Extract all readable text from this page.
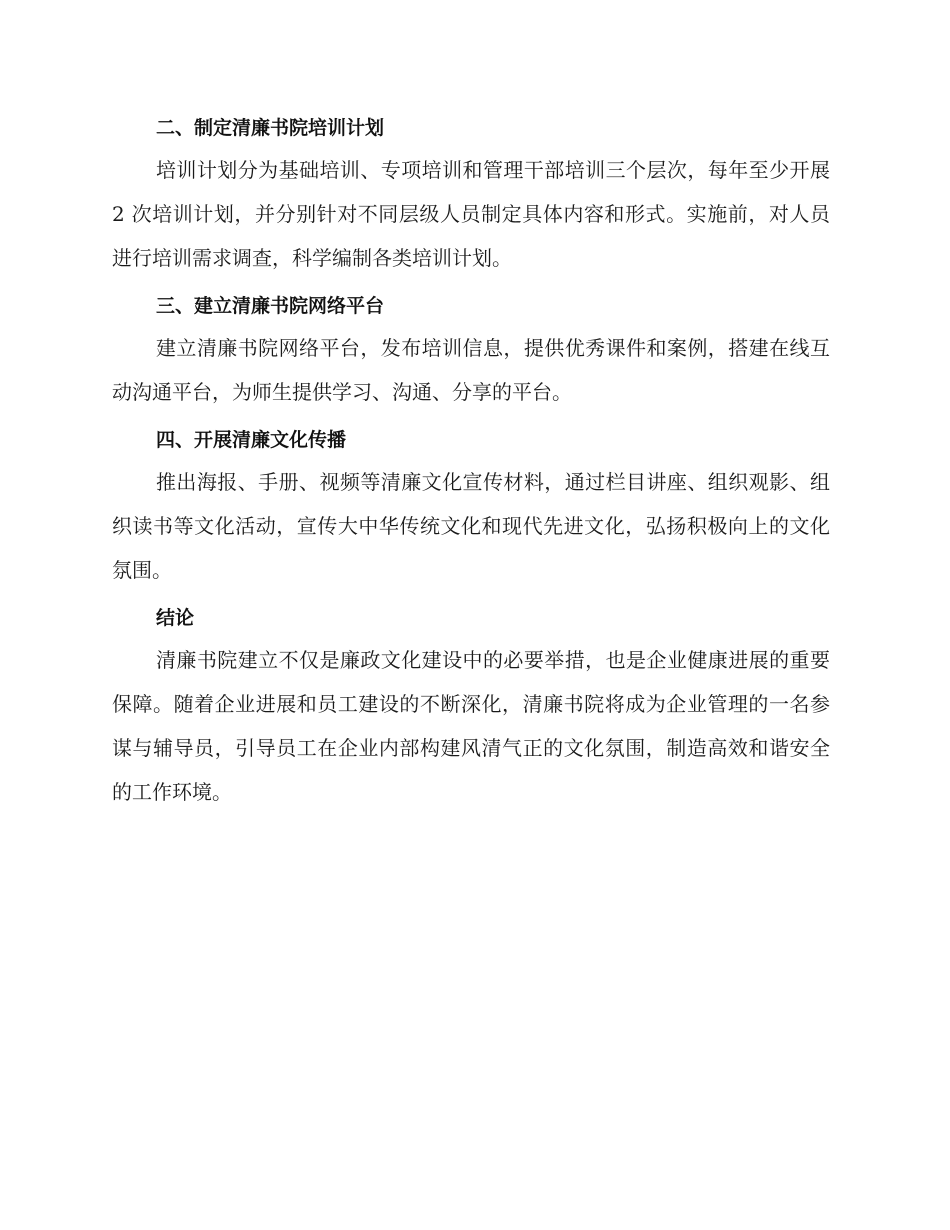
二、制定清廉书院培训计划

培训计划分为基础培训、专项培训和管理干部培训三个层次，每年至少开展 2 次培训计划，并分别针对不同层级人员制定具体内容和形式。实施前，对人员进行培训需求调查，科学编制各类培训计划。

三、建立清廉书院网络平台

建立清廉书院网络平台，发布培训信息，提供优秀课件和案例，搭建在线互动沟通平台，为师生提供学习、沟通、分享的平台。

四、开展清廉文化传播

推出海报、手册、视频等清廉文化宣传材料，通过栏目讲座、组织观影、组织读书等文化活动，宣传大中华传统文化和现代先进文化，弘扬积极向上的文化氛围。

结论

清廉书院建立不仅是廉政文化建设中的必要举措，也是企业健康进展的重要保障。随着企业进展和员工建设的不断深化，清廉书院将成为企业管理的一名参谋与辅导员，引导员工在企业内部构建风清气正的文化氛围，制造高效和谐安全的工作环境。
